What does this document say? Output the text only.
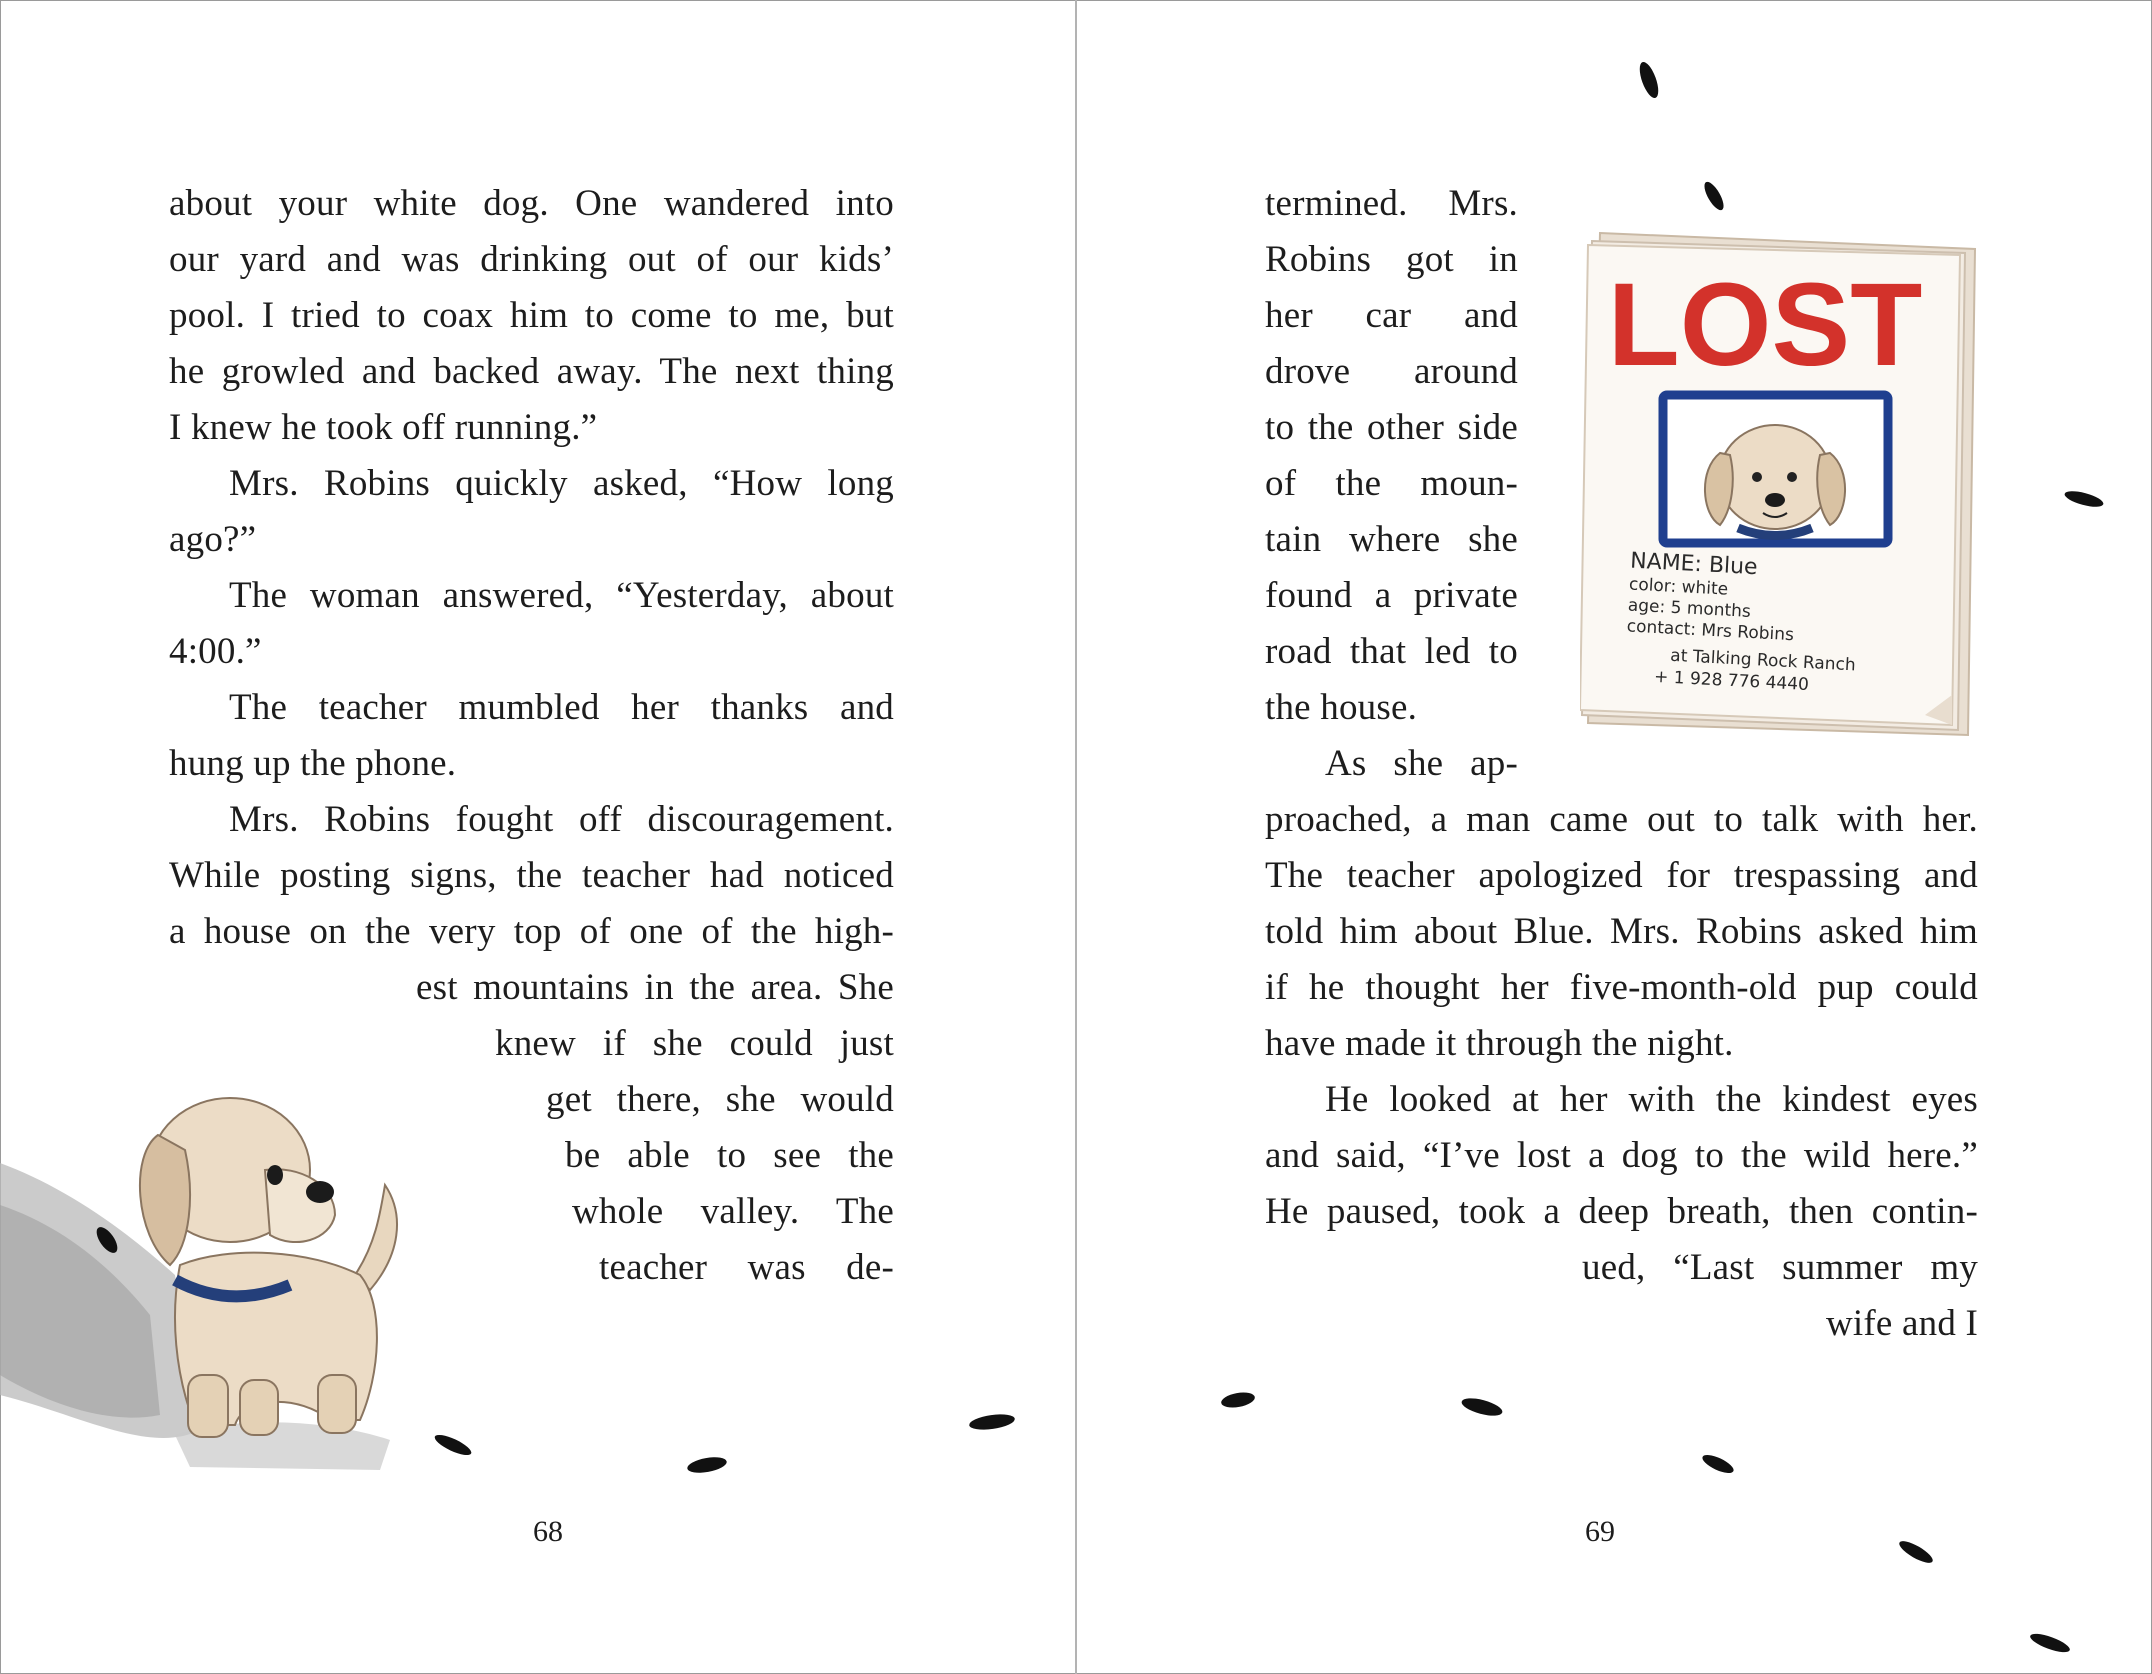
about your white dog. One wandered into
our yard and was drinking out of our kids’
pool. I tried to coax him to come to me, but
he growled and backed away. The next thing
I knew he took off running.”
Mrs. Robins quickly asked, “How long
ago?”
The woman answered, “Yesterday, about
4:00.”
The teacher mumbled her thanks and
hung up the phone.
Mrs. Robins fought off discouragement.
While posting signs, the teacher had noticed
a house on the very top of one of the high-
est mountains in the area. She
knew if she could just
get there, she would
be able to see the
whole valley. The
teacher was de-
termined. Mrs.
Robins got in
her car and
drove around
to the other side
of the moun-
tain where she
found a private
road that led to
the house.
As she ap-
proached, a man came out to talk with her.
The teacher apologized for trespassing and
told him about Blue. Mrs. Robins asked him
if he thought her five-month-old pup could
have made it through the night.
He looked at her with the kindest eyes
and said, “I’ve lost a dog to the wild here.”
He paused, took a deep breath, then contin-
ued, “Last summer my
wife and I
68	69
LOST
NAME: Blue
color: white
age: 5 months
contact: Mrs Robins
at Talking Rock Ranch
+ 1 928 776 4440
